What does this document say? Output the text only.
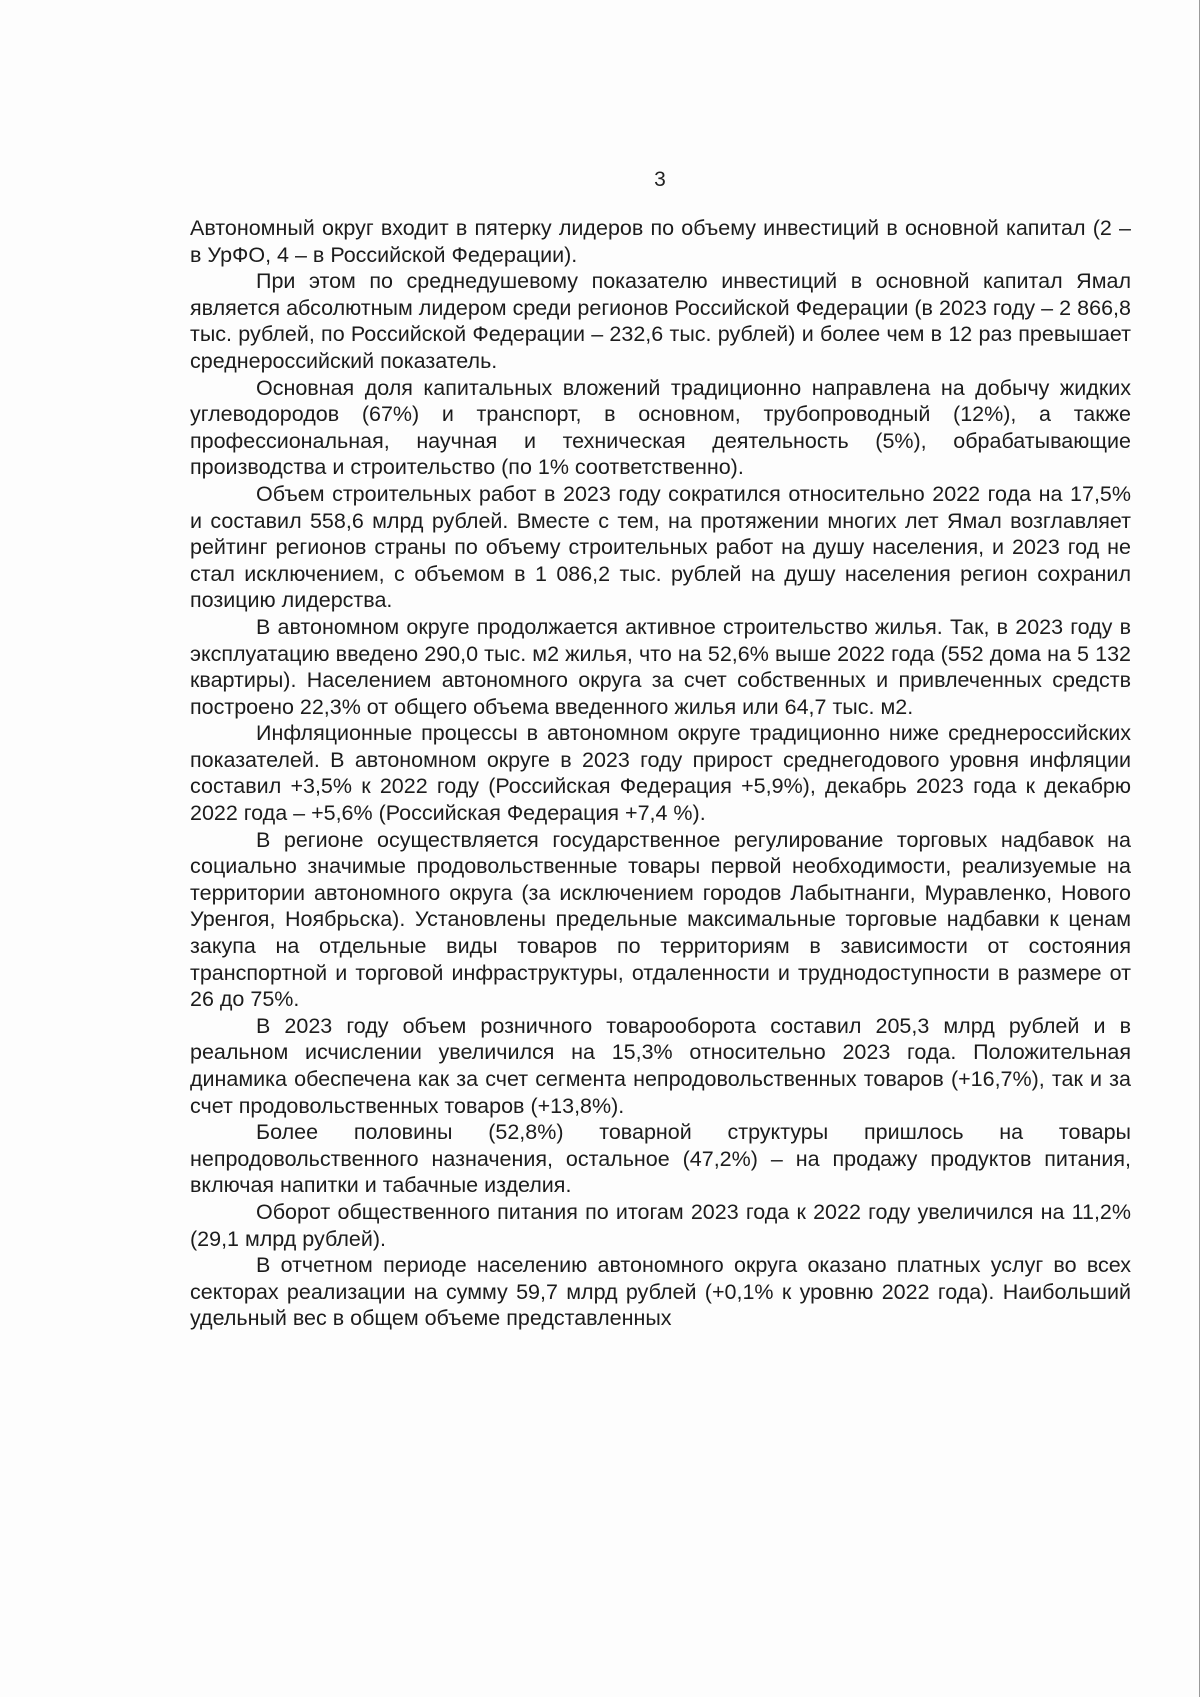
3

Автономный округ входит в пятерку лидеров по объему инвестиций в основной капитал (2 – в УрФО, 4 – в Российской Федерации).

При этом по среднедушевому показателю инвестиций в основной капитал Ямал является абсолютным лидером среди регионов Российской Федерации (в 2023 году – 2 866,8 тыс. рублей, по Российской Федерации – 232,6 тыс. рублей) и более чем в 12 раз превышает среднероссийский показатель.

Основная доля капитальных вложений традиционно направлена на добычу жидких углеводородов (67%) и транспорт, в основном, трубопроводный (12%), а также профессиональная, научная и техническая деятельность (5%), обрабатывающие производства и строительство (по 1% соответственно).

Объем строительных работ в 2023 году сократился относительно 2022 года на 17,5% и составил 558,6 млрд рублей. Вместе с тем, на протяжении многих лет Ямал возглавляет рейтинг регионов страны по объему строительных работ на душу населения, и 2023 год не стал исключением, с объемом в 1 086,2 тыс. рублей на душу населения регион сохранил позицию лидерства.

В автономном округе продолжается активное строительство жилья. Так, в 2023 году в эксплуатацию введено 290,0 тыс. м2 жилья, что на 52,6% выше 2022 года (552 дома на 5 132 квартиры). Населением автономного округа за счет собственных и привлеченных средств построено 22,3% от общего объема введенного жилья или 64,7 тыс. м2.

Инфляционные процессы в автономном округе традиционно ниже среднероссийских показателей. В автономном округе в 2023 году прирост среднегодового уровня инфляции составил +3,5% к 2022 году (Российская Федерация +5,9%), декабрь 2023 года к декабрю 2022 года – +5,6% (Российская Федерация +7,4 %).

В регионе осуществляется государственное регулирование торговых надбавок на социально значимые продовольственные товары первой необходимости, реализуемые на территории автономного округа (за исключением городов Лабытнанги, Муравленко, Нового Уренгоя, Ноябрьска). Установлены предельные максимальные торговые надбавки к ценам закупа на отдельные виды товаров по территориям в зависимости от состояния транспортной и торговой инфраструктуры, отдаленности и труднодоступности в размере от 26 до 75%.

В 2023 году объем розничного товарооборота составил 205,3 млрд рублей и в реальном исчислении увеличился на 15,3% относительно 2023 года. Положительная динамика обеспечена как за счет сегмента непродовольственных товаров (+16,7%), так и за счет продовольственных товаров (+13,8%).

Более половины (52,8%) товарной структуры пришлось на товары непродовольственного назначения, остальное (47,2%) – на продажу продуктов питания, включая напитки и табачные изделия.

Оборот общественного питания по итогам 2023 года к 2022 году увеличился на 11,2% (29,1 млрд рублей).

В отчетном периоде населению автономного округа оказано платных услуг во всех секторах реализации на сумму 59,7 млрд рублей (+0,1% к уровню 2022 года). Наибольший удельный вес в общем объеме представленных
